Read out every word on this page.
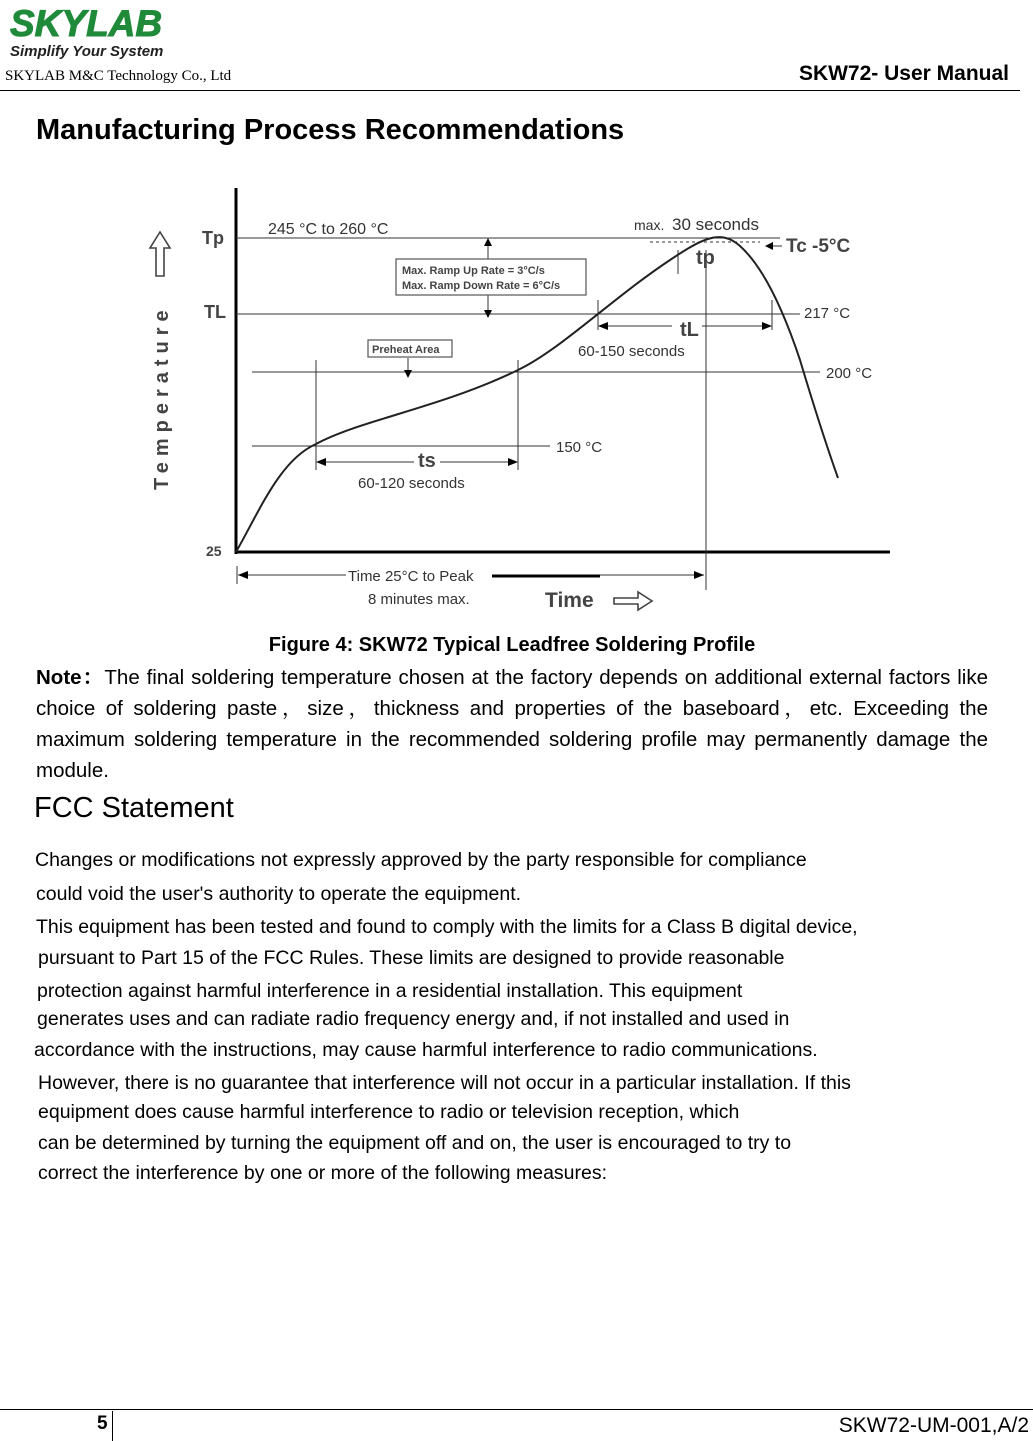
SKYLAB
Simplify Your System
SKYLAB M&C Technology Co., Ltd	SKW72- User Manual
Manufacturing Process Recommendations
Temperature
Tp
TL
25
245 °C to 260 °C	max. 30 seconds
Tc -5°C
tp
Max. Ramp Up Rate = 3°C/s
Max. Ramp Down Rate = 6°C/s
217 °C
200 °C
150 °C
tL
60-150 seconds
Preheat Area
ts
60-120 seconds
Time 25°C to Peak
8 minutes max.	Time
Figure 4: SKW72 Typical Leadfree Soldering Profile
Note：The final soldering temperature chosen at the factory depends on additional external factors like choice of soldering paste，size，thickness and properties of the baseboard，etc. Exceeding the maximum soldering temperature in the recommended soldering profile may permanently damage the module.
FCC Statement
Changes or modifications not expressly approved by the party responsible for compliance
could void the user's authority to operate the equipment.
This equipment has been tested and found to comply with the limits for a Class B digital device,
pursuant to Part 15 of the FCC Rules. These limits are designed to provide reasonable
protection against harmful interference in a residential installation. This equipment
generates uses and can radiate radio frequency energy and, if not installed and used in
accordance with the instructions, may cause harmful interference to radio communications.
However, there is no guarantee that interference will not occur in a particular installation. If this
equipment does cause harmful interference to radio or television reception, which
can be determined by turning the equipment off and on, the user is encouraged to try to
correct the interference by one or more of the following measures:
5	SKW72-UM-001,A/2
